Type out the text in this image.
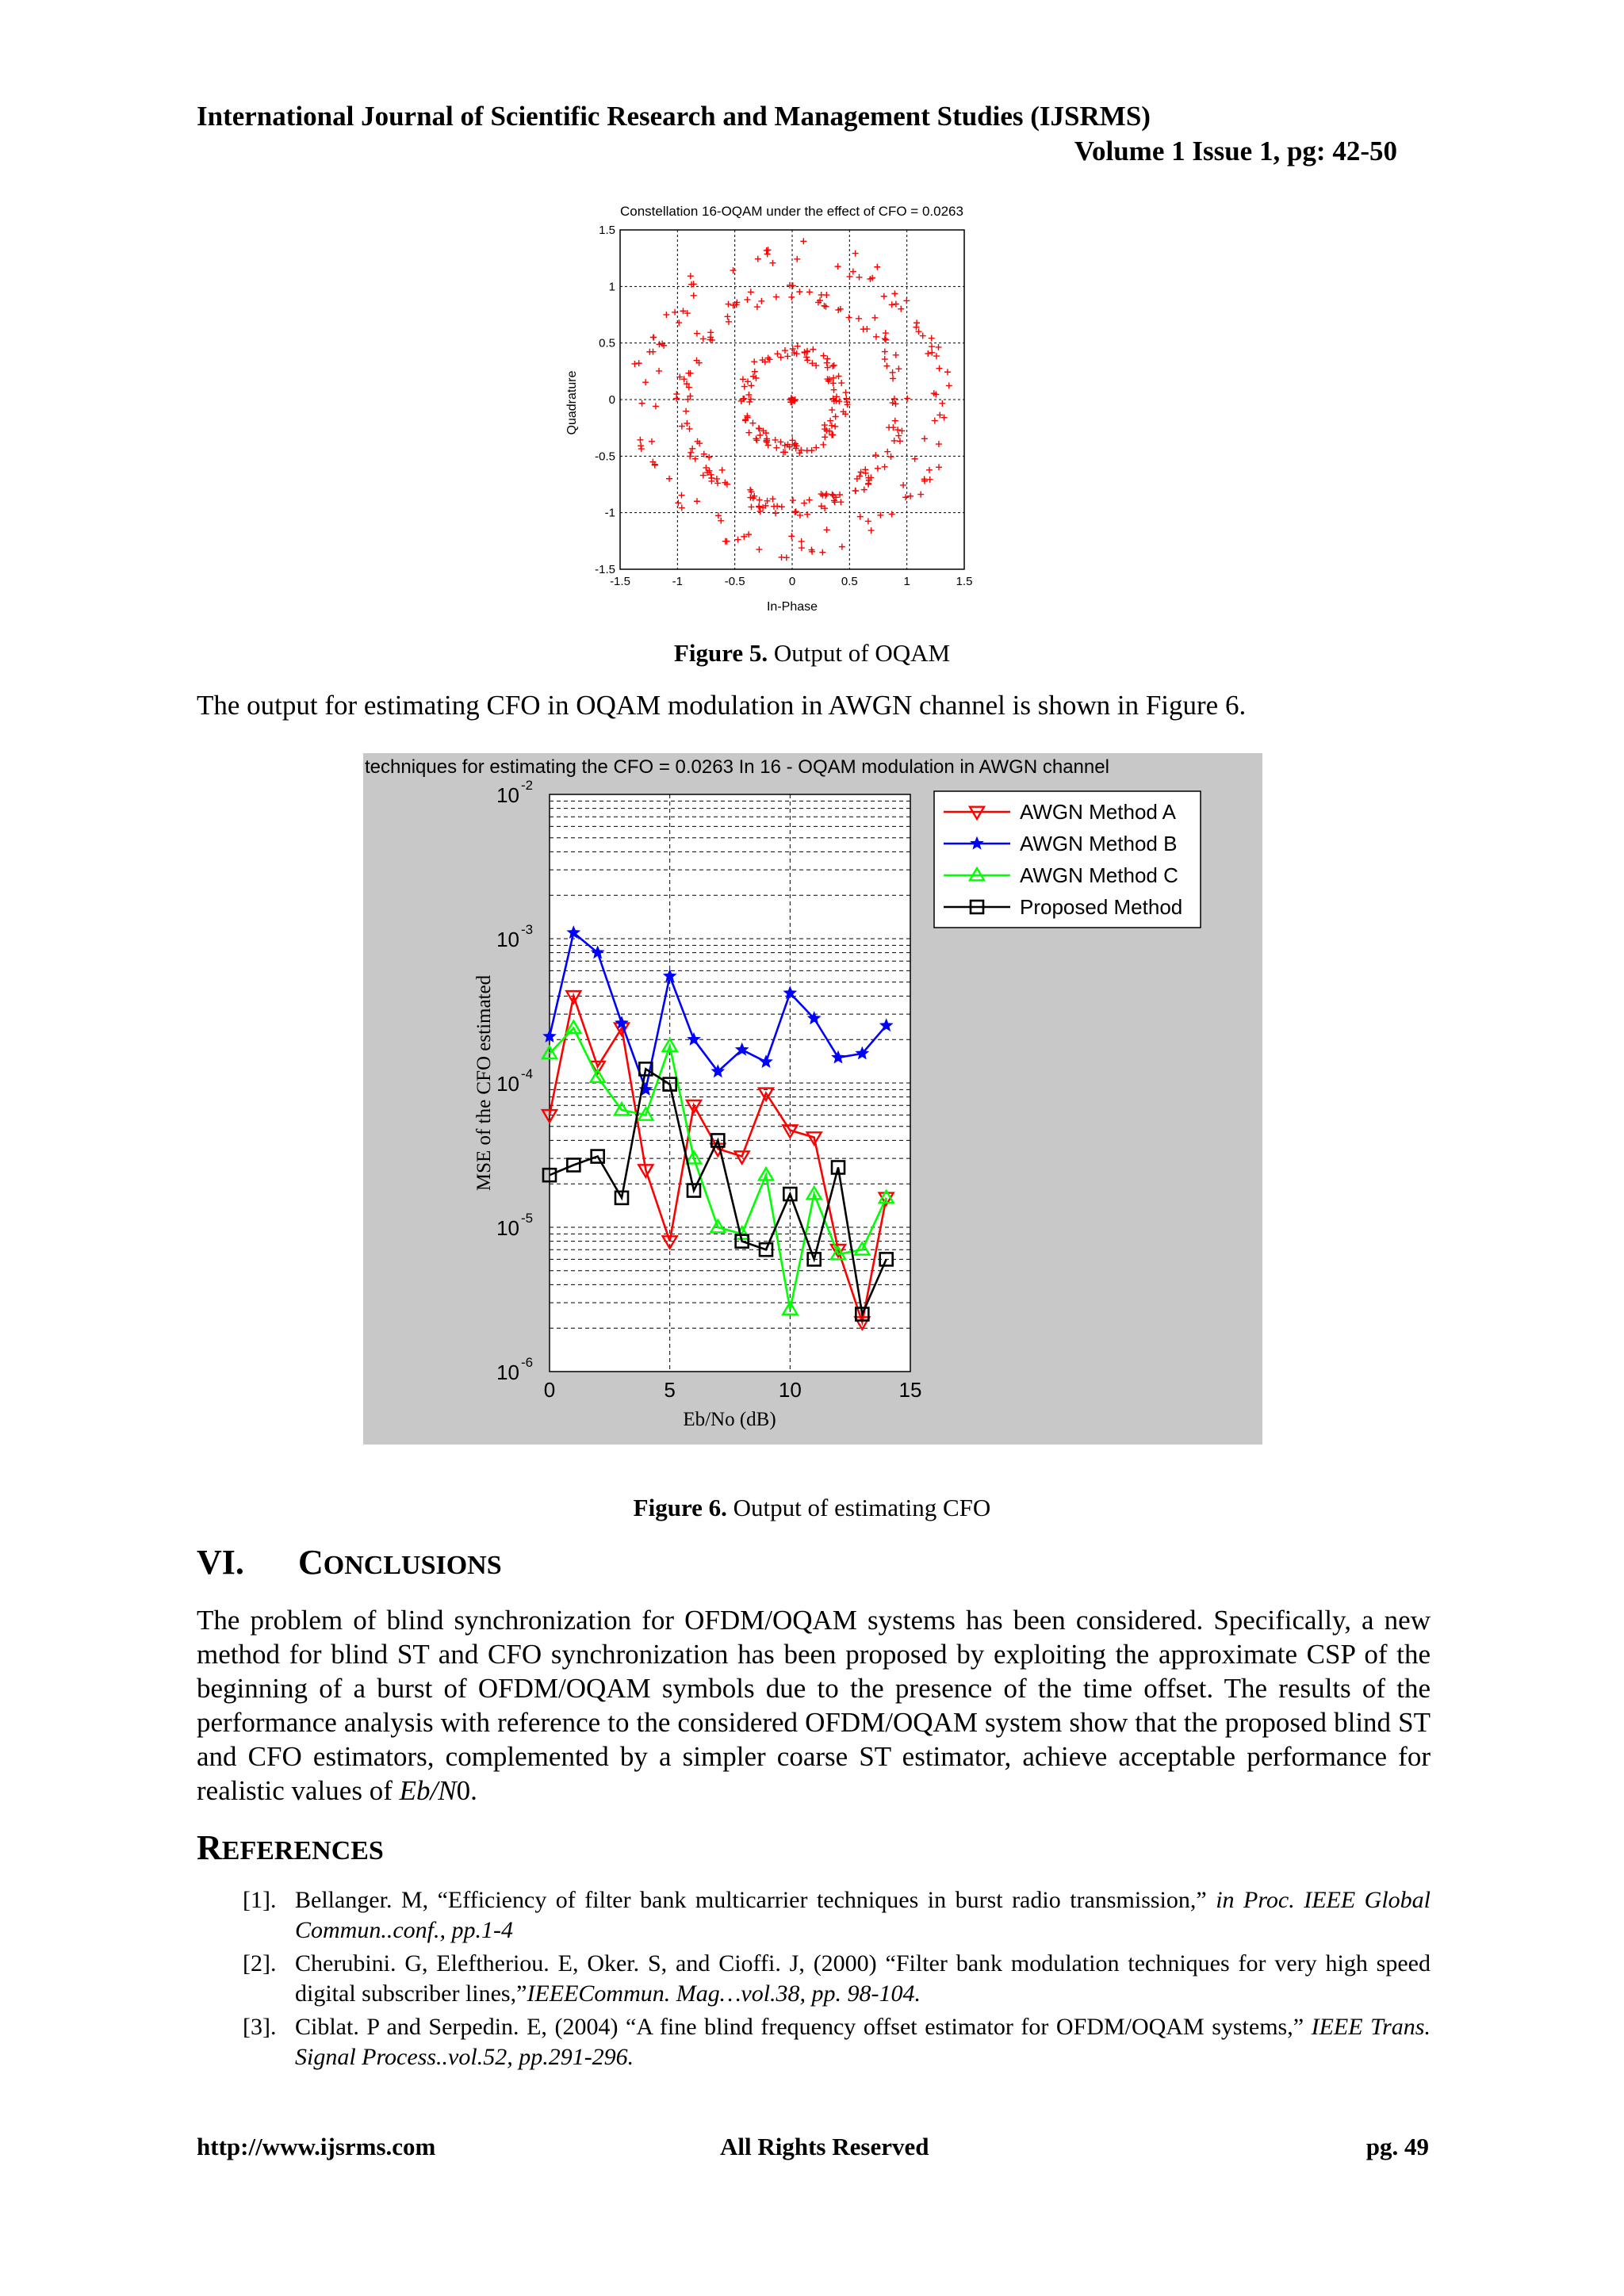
International Journal of Scientific Research and Management Studies (IJSRMS)
Volume 1 Issue 1, pg: 42-50
Constellation 16-OQAM under the effect of CFO = 0.0263
-1.5	-1	-0.5	0	0.5	1	1.5
1.5
1
0.5
0
-0.5
-1
-1.5
In-Phase
Quadrature
Figure 5. Output of OQAM
The output for estimating CFO in OQAM modulation in AWGN channel is shown in Figure 6.
techniques for estimating the CFO = 0.0263 In 16 - OQAM modulation in AWGN channel
10 -2
10 -3
10 -4
10 -5
10 -6
0	5	10	15
Eb/No (dB)
MSE of the CFO estimated
AWGN Method A
AWGN Method B
AWGN Method C
Proposed Method
Figure 6. Output of estimating CFO
VI. CONCLUSIONS
The problem of blind synchronization for OFDM/OQAM systems has been considered. Specifically, a new method for blind ST and CFO synchronization has been proposed by exploiting the approximate CSP of the beginning of a burst of OFDM/OQAM symbols due to the presence of the time offset. The results of the performance analysis with reference to the considered OFDM/OQAM system show that the proposed blind ST and CFO estimators, complemented by a simpler coarse ST estimator, achieve acceptable performance for realistic values of Eb/N0.
REFERENCES
[1]. Bellanger. M, “Efficiency of filter bank multicarrier techniques in burst radio transmission,” in Proc. IEEE Global Commun..conf., pp.1-4
[2]. Cherubini. G, Eleftheriou. E, Oker. S, and Cioffi. J, (2000) “Filter bank modulation techniques for very high speed digital subscriber lines,”IEEECommun. Mag…vol.38, pp. 98-104.
[3]. Ciblat. P and Serpedin. E, (2004) “A fine blind frequency offset estimator for OFDM/OQAM systems,” IEEE Trans. Signal Process..vol.52, pp.291-296.
http://www.ijsrms.com	All Rights Reserved	pg. 49
